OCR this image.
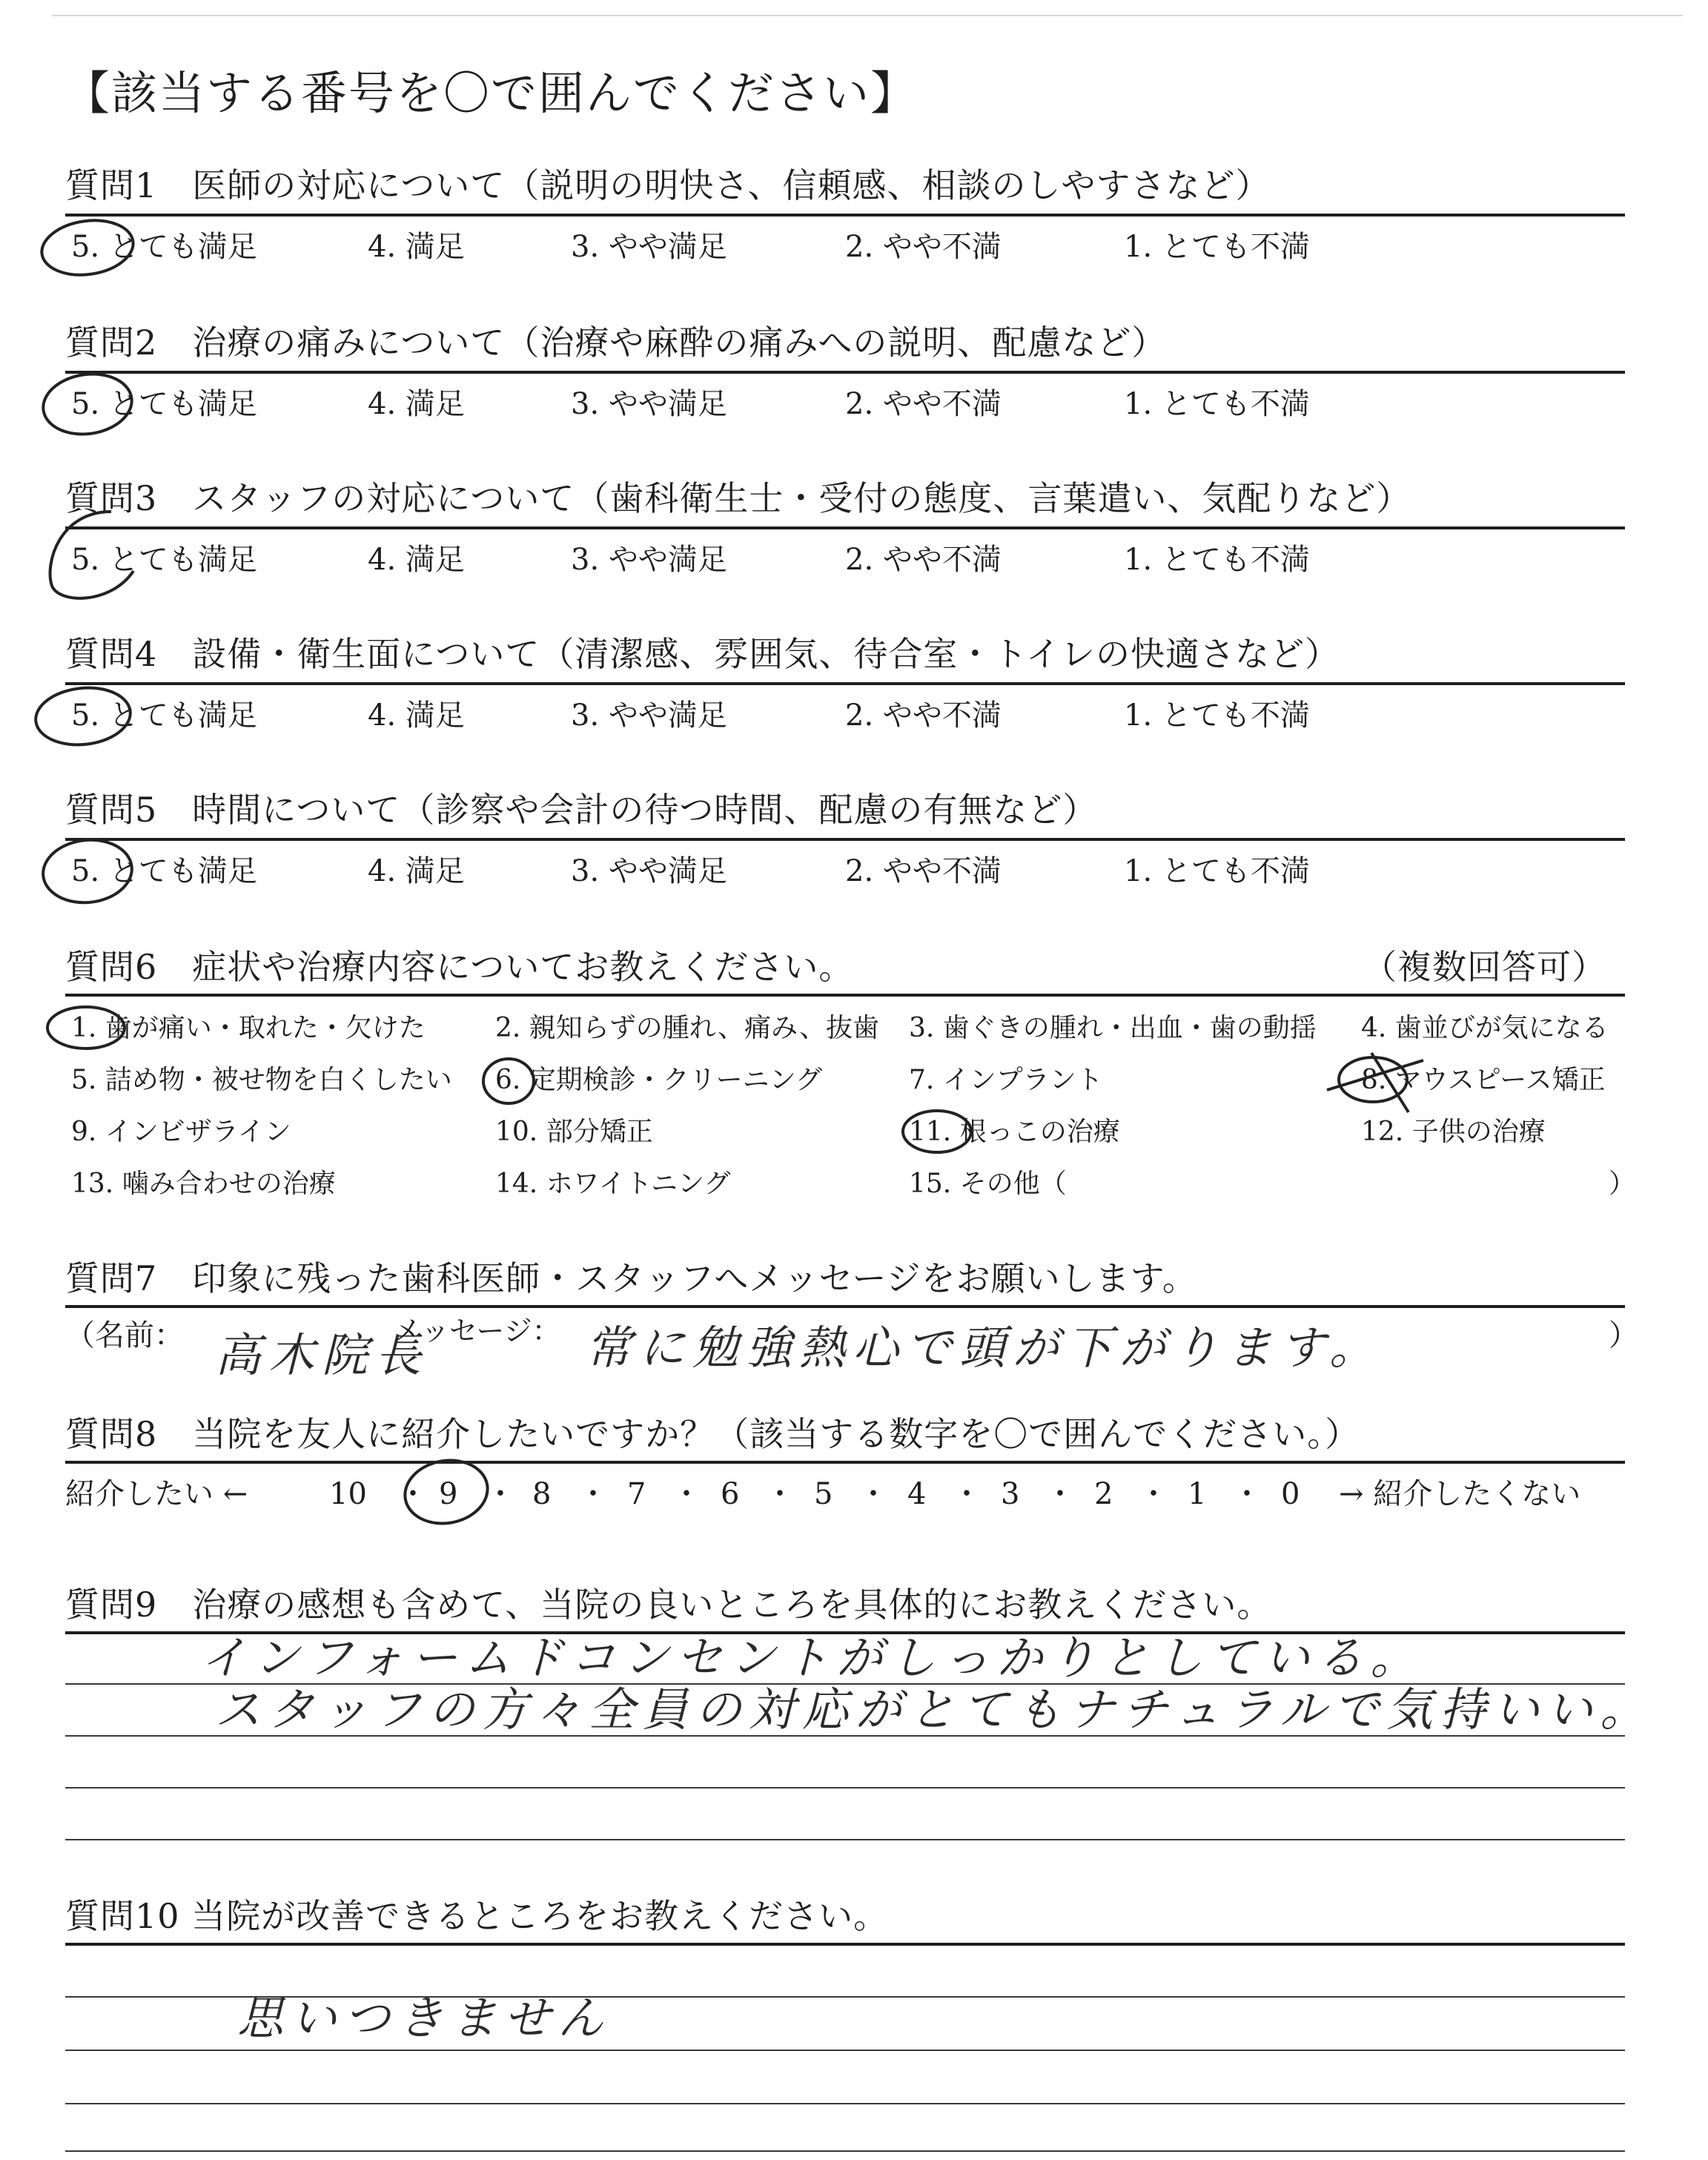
【該当する番号を〇で囲んでください】
質問1　医師の対応について（説明の明快さ、信頼感、相談のしやすさなど）
5. とても満足	4. 満足	3. やや満足	2. やや不満	1. とても不満
質問2　治療の痛みについて（治療や麻酔の痛みへの説明、配慮など）
5. とても満足	4. 満足	3. やや満足	2. やや不満	1. とても不満
質問3　スタッフの対応について（歯科衛生士・受付の態度、言葉遣い、気配りなど）
5. とても満足	4. 満足	3. やや満足	2. やや不満	1. とても不満
質問4　設備・衛生面について（清潔感、雰囲気、待合室・トイレの快適さなど）
5. とても満足	4. 満足	3. やや満足	2. やや不満	1. とても不満
質問5　時間について（診察や会計の待つ時間、配慮の有無など）
5. とても満足	4. 満足	3. やや満足	2. やや不満	1. とても不満
質問6　症状や治療内容についてお教えください。	（複数回答可）
1. 歯が痛い・取れた・欠けた	2. 親知らずの腫れ、痛み、抜歯 3. 歯ぐきの腫れ・出血・歯の動揺 4. 歯並びが気になる
5. 詰め物・被せ物を白くしたい 6. 定期検診・クリーニング	7. インプラント	8. マウスピース矯正
9. インビザライン	10. 部分矯正	11. 根っこの治療	12. 子供の治療
13. 噛み合わせの治療	14. ホワイトニング	15. その他（	）
質問7　印象に残った歯科医師・スタッフへメッセージをお願いします。
（名前： 高木院長
メッセージ： 常に勉強熱心で頭が下がります。	）
質問8　当院を友人に紹介したいですか？（該当する数字を〇で囲んでください。）
紹介したい ←	10 ・ 9 ・ 8 ・ 7 ・ 6 ・ 5 ・ 4 ・ 3 ・ 2 ・ 1 ・ 0 → 紹介したくない
質問9　治療の感想も含めて、当院の良いところを具体的にお教えください。
インフォームドコンセントがしっかりとしている。
スタッフの方々全員の対応がとてもナチュラルで気持いい。
質問10 当院が改善できるところをお教えください。
思いつきません
